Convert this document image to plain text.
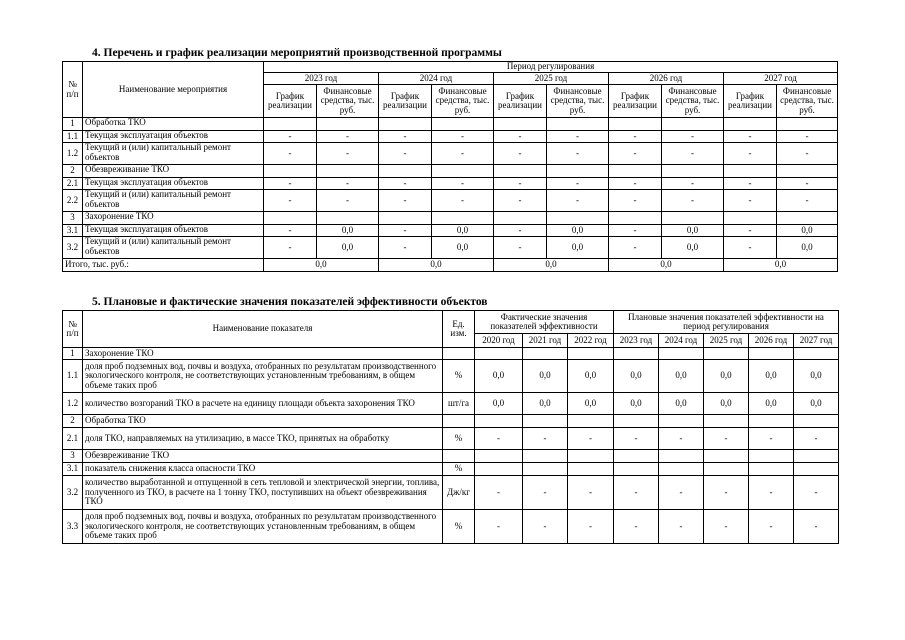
4. Перечень и график реализации мероприятий производственной программы
№ п/п	Наименование мероприятия	Период регулирования									
		2023 год		2024 год		2025 год		2026 год		2027 год	
		График реализации	Финансовые средства, тыс. руб.	График реализации	Финансовые средства, тыс. руб.	График реализации	Финансовые средства, тыс. руб.	График реализации	Финансовые средства, тыс. руб.	График реализации	Финансовые средства, тыс. руб.
1	Обработка ТКО										
1.1	Текущая эксплуатация объектов	-	-	-	-	-	-	-	-	-	-
1.2	Текущий и (или) капитальный ремонт объектов	-	-	-	-	-	-	-	-	-	-
2	Обезвреживание ТКО										
2.1	Текущая эксплуатация объектов	-	-	-	-	-	-	-	-	-	-
2.2	Текущий и (или) капитальный ремонт объектов	-	-	-	-	-	-	-	-	-	-
3	Захоронение ТКО										
3.1	Текущая эксплуатация объектов	-	0,0	-	0,0	-	0,0	-	0,0	-	0,0
3.2	Текущий и (или) капитальный ремонт объектов	-	0,0	-	0,0	-	0,0	-	0,0	-	0,0
Итого, тыс. руб.:		0,0		0,0		0,0		0,0		0,0	
5. Плановые и фактические значения показателей эффективности объектов
№ п/п	Наименование показателя	Ед. изм.	Фактические значения показателей эффективности			Плановые значения показателей эффективности на период регулирования				
			2020 год	2021 год	2022 год	2023 год	2024 год	2025 год	2026 год	2027 год
1	Захоронение ТКО									
1.1	доля проб подземных вод, почвы и воздуха, отобранных по результатам производственного экологического контроля, не соответствующих установленным требованиям, в общем объеме таких проб	%	0,0	0,0	0,0	0,0	0,0	0,0	0,0	0,0
1.2	количество возгораний ТКО в расчете на единицу площади объекта захоронения ТКО	шт/га	0,0	0,0	0,0	0,0	0,0	0,0	0,0	0,0
2	Обработка ТКО									
2.1	доля ТКО, направляемых на утилизацию, в массе ТКО, принятых на обработку	%	-	-	-	-	-	-	-	-
3	Обезвреживание ТКО									
3.1	показатель снижения класса опасности ТКО	%								
3.2	количество выработанной и отпущенной в сеть тепловой и электрической энергии, топлива, полученного из ТКО, в расчете на 1 тонну ТКО, поступивших на объект обезвреживания ТКО	Дж/кг	-	-	-	-	-	-	-	-
3.3	доля проб подземных вод, почвы и воздуха, отобранных по результатам производственного экологического контроля, не соответствующих установленным требованиям, в общем объеме таких проб	%	-	-	-	-	-	-	-	-
